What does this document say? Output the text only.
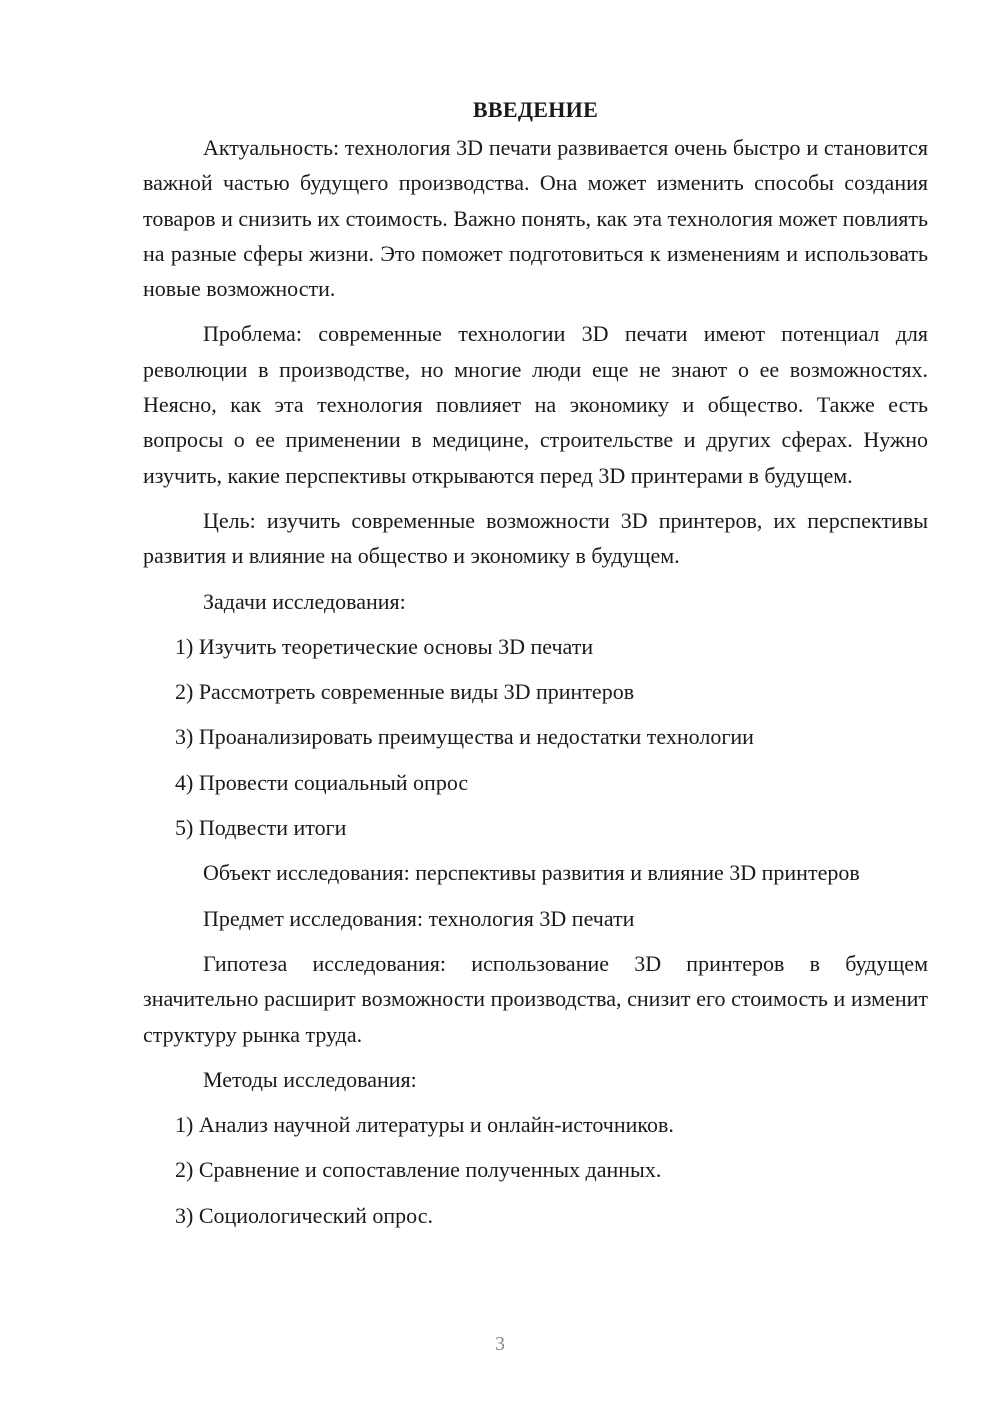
ВВЕДЕНИЕ

Актуальность: технология 3D печати развивается очень быстро и становится важной частью будущего производства. Она может изменить способы создания товаров и снизить их стоимость. Важно понять, как эта технология может повлиять на разные сферы жизни. Это поможет подготовиться к изменениям и использовать новые возможности.

Проблема: современные технологии 3D печати имеют потенциал для революции в производстве, но многие люди еще не знают о ее возможностях. Неясно, как эта технология повлияет на экономику и общество. Также есть вопросы о ее применении в медицине, строительстве и других сферах. Нужно изучить, какие перспективы открываются перед 3D принтерами в будущем.

Цель: изучить современные возможности 3D принтеров, их перспективы развития и влияние на общество и экономику в будущем.

Задачи исследования:

1) Изучить теоретические основы 3D печати
2) Рассмотреть современные виды 3D принтеров
3) Проанализировать преимущества и недостатки технологии
4) Провести социальный опрос
5) Подвести итоги

Объект исследования: перспективы развития и влияние 3D принтеров

Предмет исследования: технология 3D печати

Гипотеза исследования: использование 3D принтеров в будущем значительно расширит возможности производства, снизит его стоимость и изменит структуру рынка труда.

Методы исследования:

1) Анализ научной литературы и онлайн-источников.
2) Сравнение и сопоставление полученных данных.
3) Социологический опрос.
3
